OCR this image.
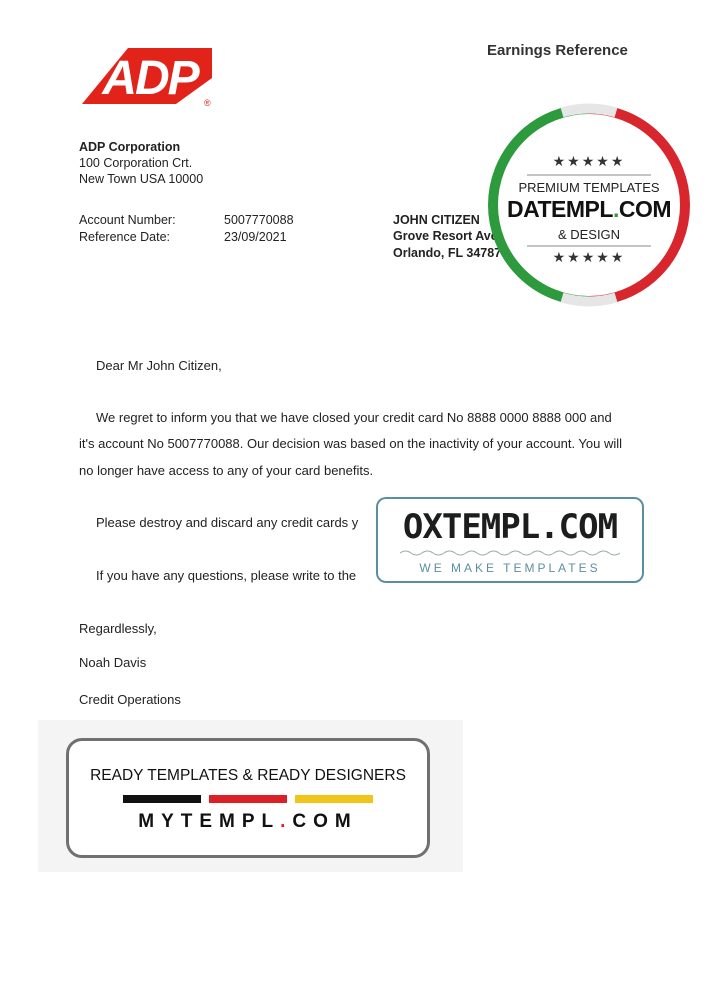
ADP ®
Earnings Reference
ADP Corporation
100 Corporation Crt.
New Town USA 10000
Account Number:	5007770088
Reference Date:	23/09/2021
JOHN CITIZEN
Grove Resort Ave
Orlando, FL 34787
Dear Mr John Citizen,
We regret to inform you that we have closed your credit card No 8888 0000 8888 000 and
it's account No 5007770088. Our decision was based on the inactivity of your account. You will
no longer have access to any of your card benefits.
Please destroy and discard any credit cards y
If you have any questions, please write to the
Regardlessly,
Noah Davis
Credit Operations
★★★★★
PREMIUM TEMPLATES
DATEMPL.COM
& DESIGN
★★★★★
OXTEMPL.COM
WE MAKE TEMPLATES
READY TEMPLATES & READY DESIGNERS
MYTEMPL.COM
